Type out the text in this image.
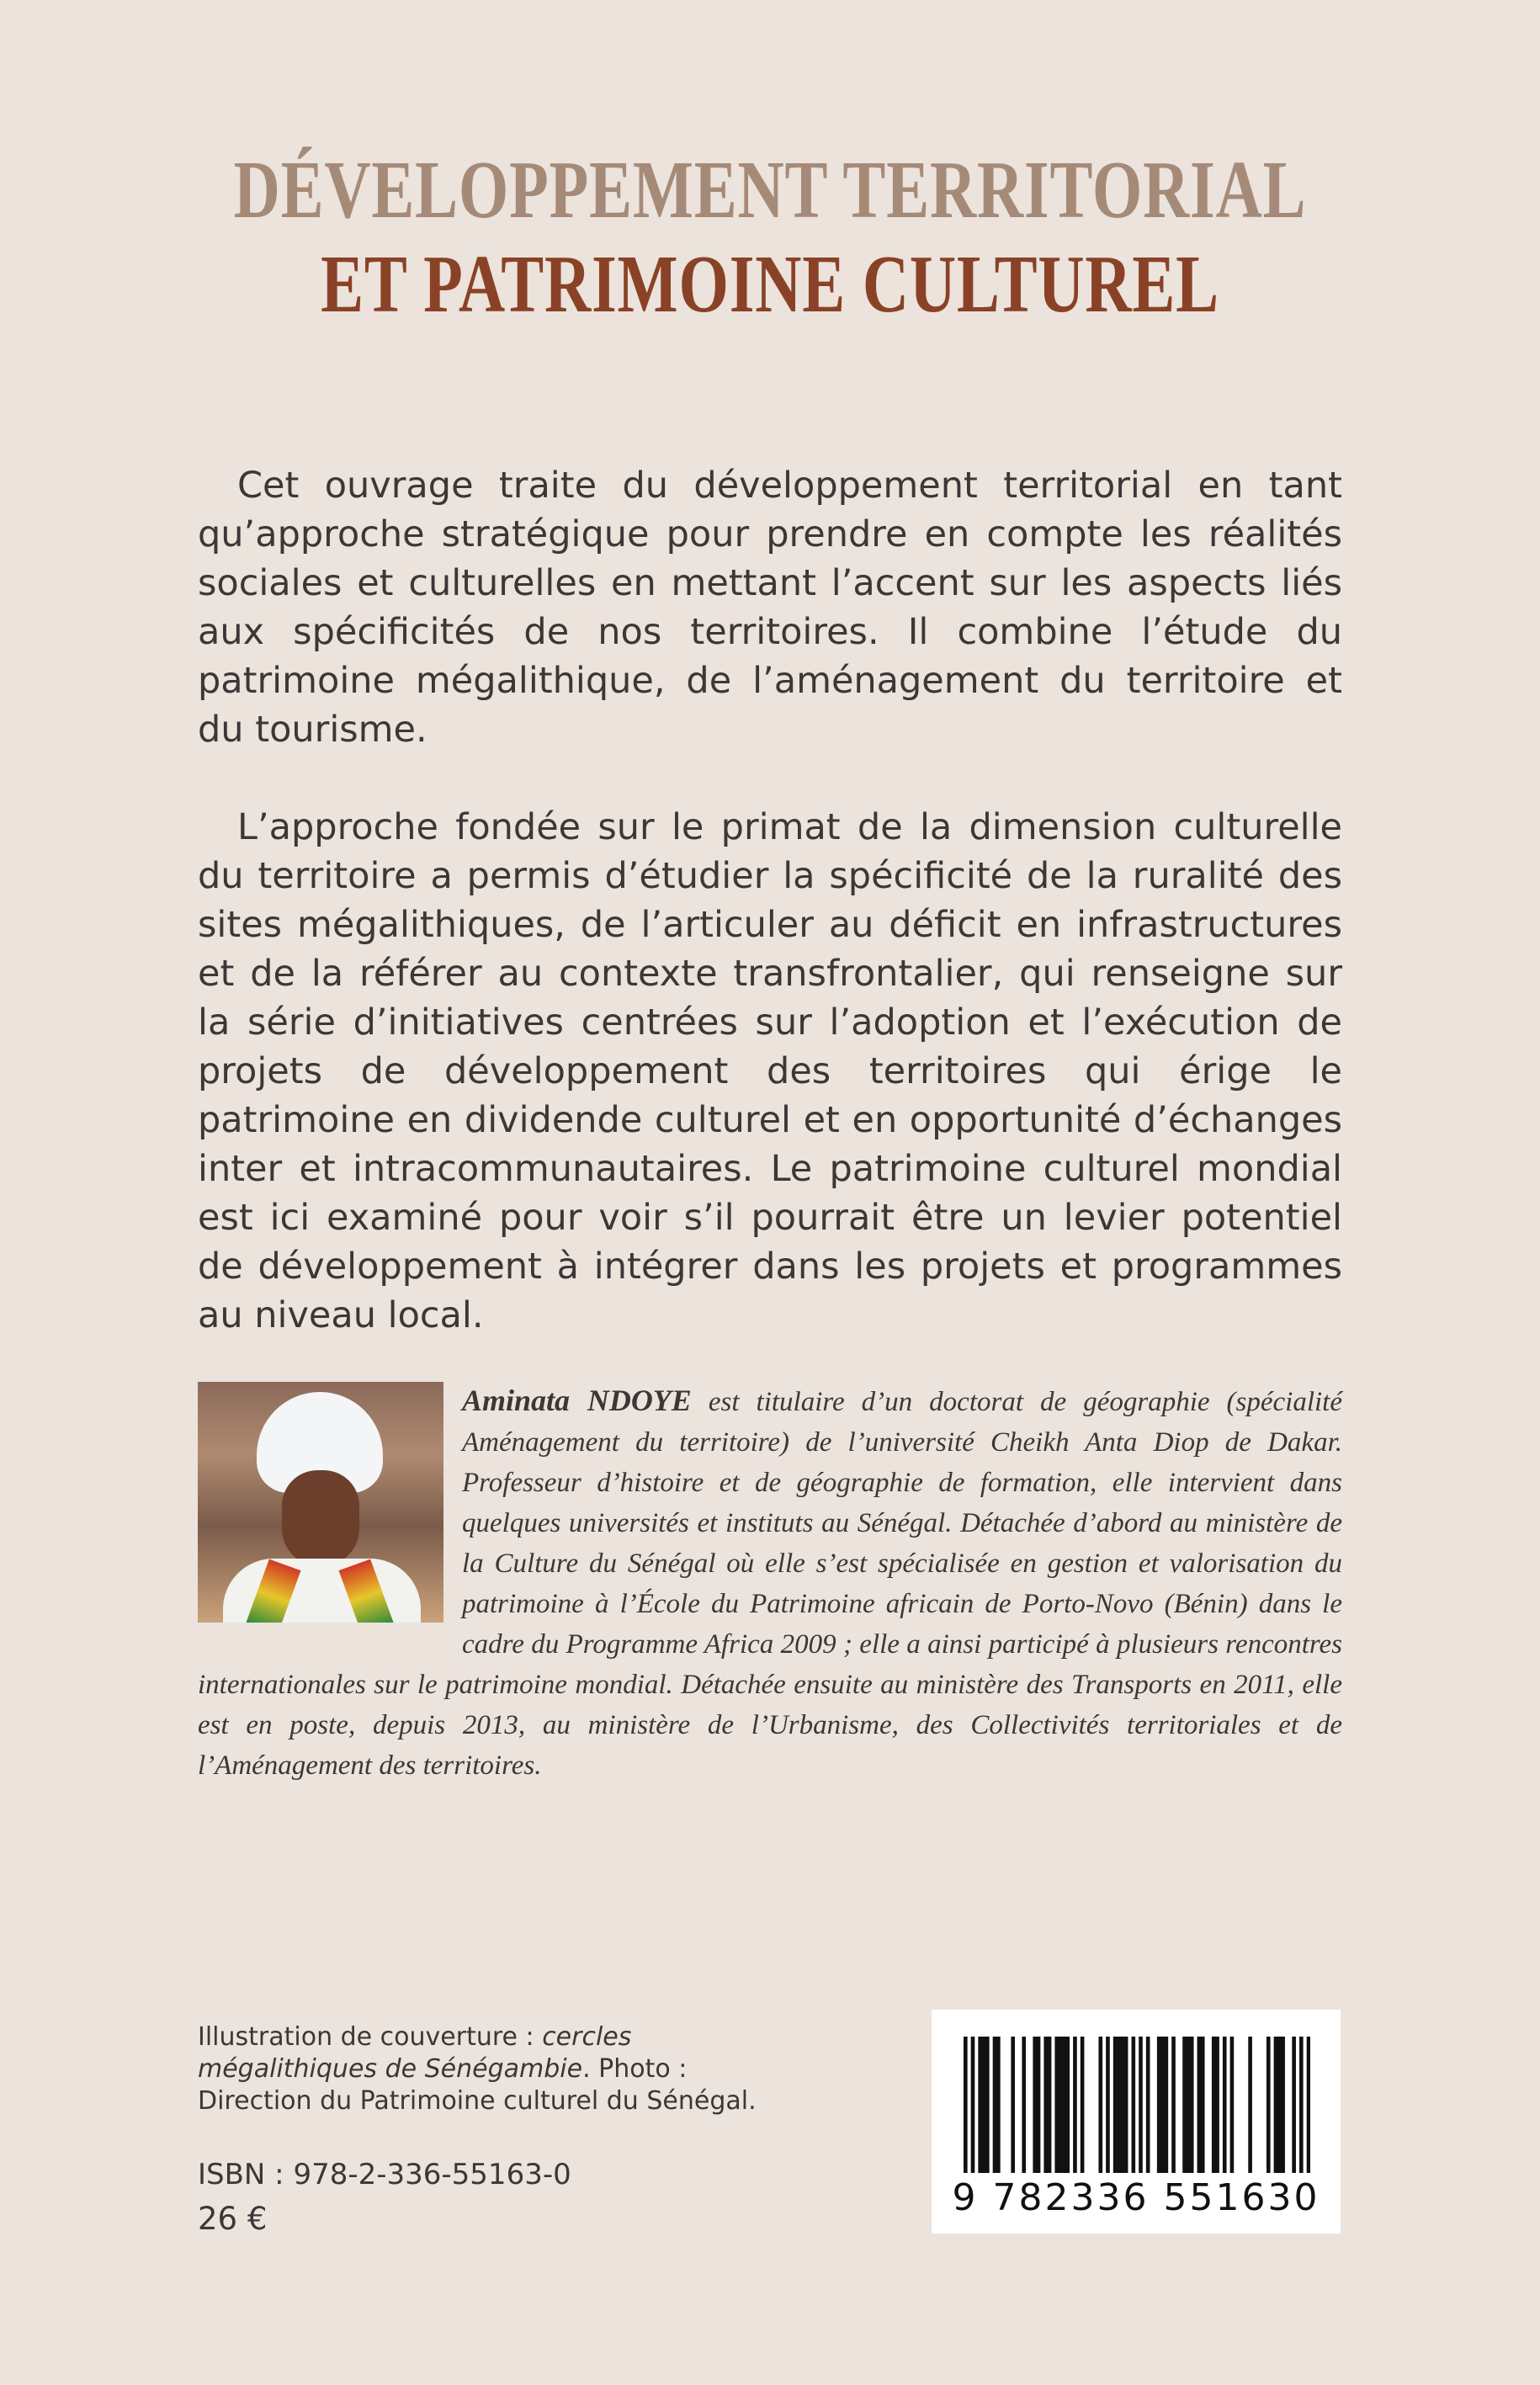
DÉVELOPPEMENT TERRITORIAL
ET PATRIMOINE CULTUREL

Cet ouvrage traite du développement territorial en tant qu’approche stratégique pour prendre en compte les réalités sociales et culturelles en mettant l’accent sur les aspects liés aux spécificités de nos territoires. Il combine l’étude du patrimoine mégalithique, de l’aménagement du territoire et du tourisme.

L’approche fondée sur le primat de la dimension culturelle du territoire a permis d’étudier la spécificité de la ruralité des sites mégalithiques, de l’articuler au déficit en infrastructures et de la référer au contexte transfrontalier, qui renseigne sur la série d’initiatives centrées sur l’adoption et l’exécution de projets de développement des territoires qui érige le patrimoine en dividende culturel et en opportunité d’échanges inter et intracommunautaires. Le patrimoine culturel mondial est ici examiné pour voir s’il pourrait être un levier potentiel de développement à intégrer dans les projets et programmes au niveau local.

Aminata NDOYE est titulaire d’un doctorat de géographie (spécialité Aménagement du territoire) de l’université Cheikh Anta Diop de Dakar. Professeur d’histoire et de géographie de formation, elle intervient dans quelques universités et instituts au Sénégal. Détachée d’abord au ministère de la Culture du Sénégal où elle s’est spécialisée en gestion et valorisation du patrimoine à l’École du Patrimoine africain de Porto-Novo (Bénin) dans le cadre du Programme Africa 2009 ; elle a ainsi participé à plusieurs rencontres internationales sur le patrimoine mondial. Détachée ensuite au ministère des Transports en 2011, elle est en poste, depuis 2013, au ministère de l’Urbanisme, des Collectivités territoriales et de l’Aménagement des territoires.
Illustration de couverture : cercles mégalithiques de Sénégambie. Photo : Direction du Patrimoine culturel du Sénégal.
ISBN : 978-2-336-55163-0
26 €	9 782336 551630
